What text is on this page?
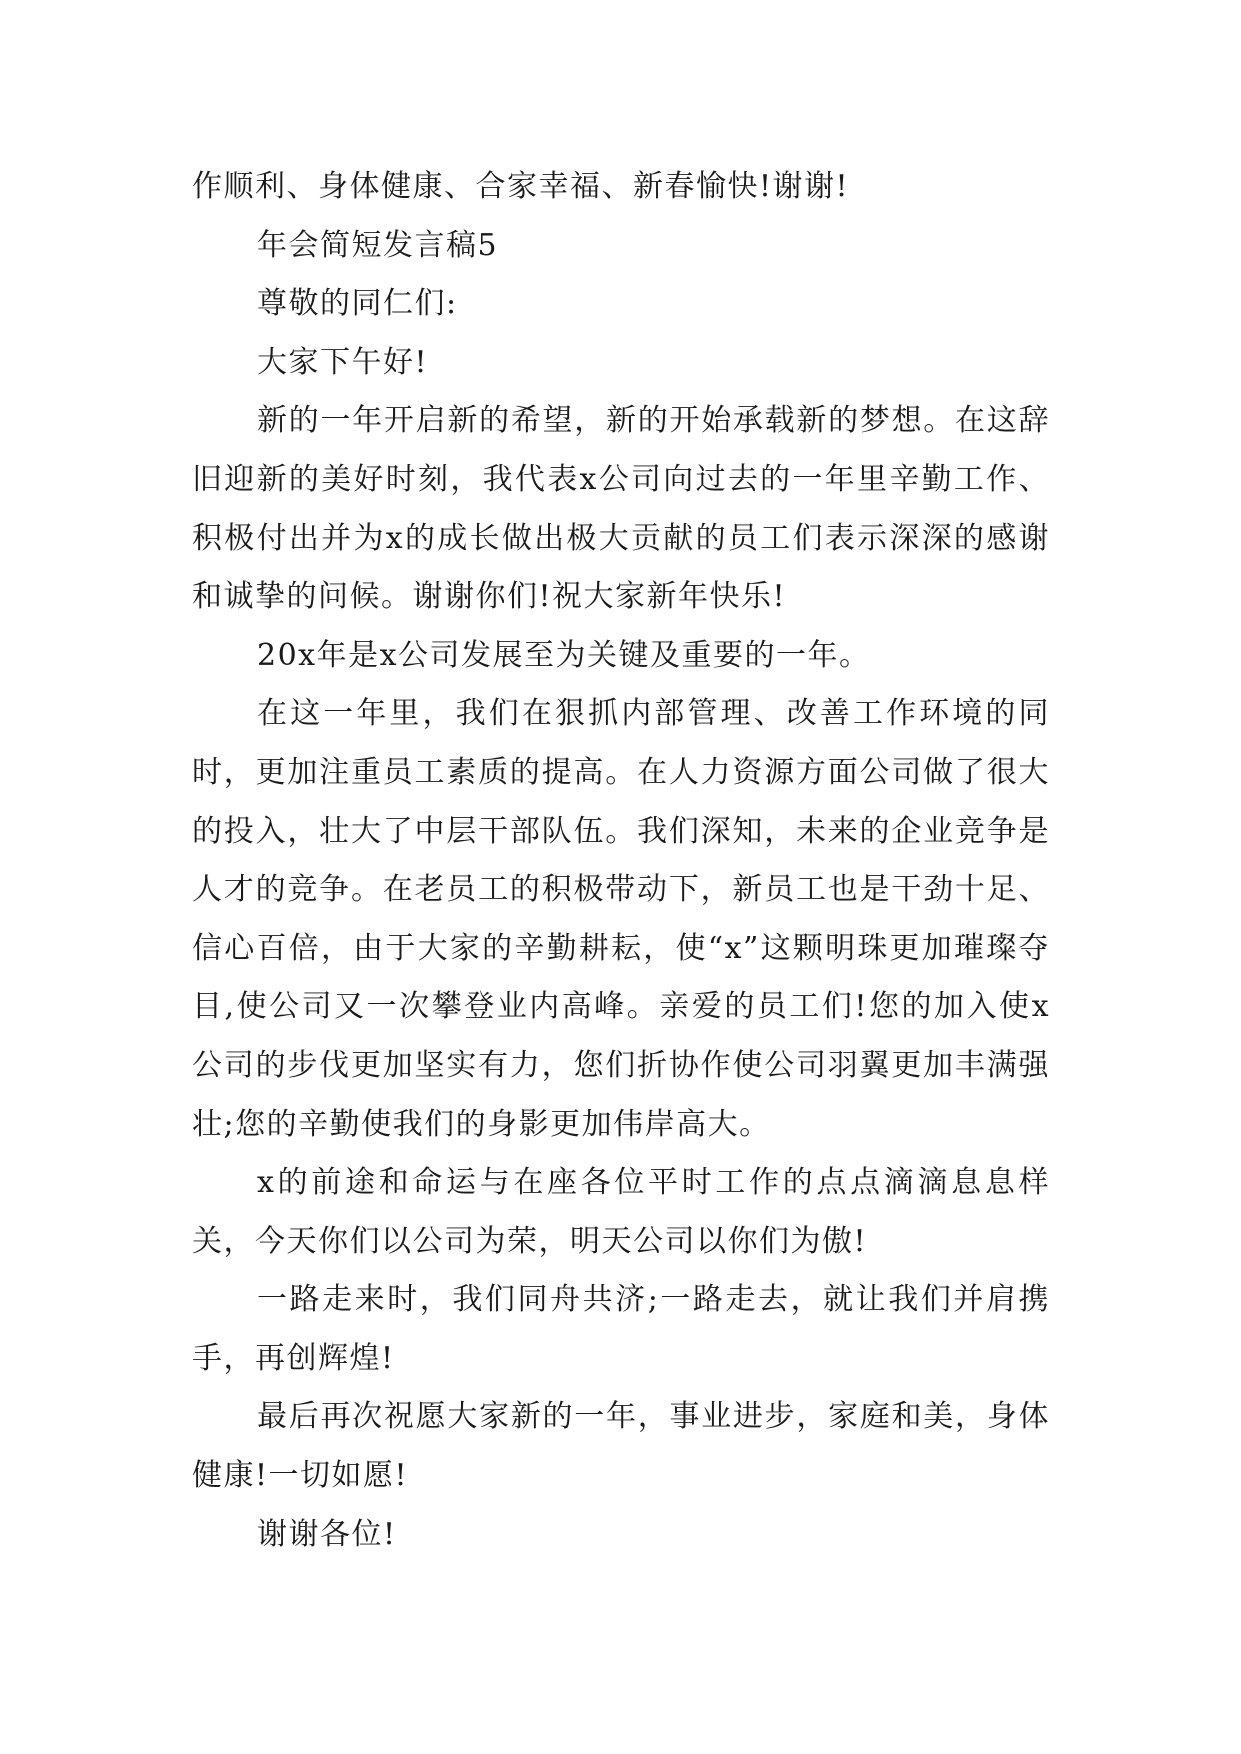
作顺利、身体健康、合家幸福、新春愉快!谢谢!

年会简短发言稿5

尊敬的同仁们:

大家下午好!

新的一年开启新的希望，新的开始承载新的梦想。在这辞旧迎新的美好时刻，我代表x公司向过去的一年里辛勤工作、积极付出并为x的成长做出极大贡献的员工们表示深深的感谢和诚挚的问候。谢谢你们!祝大家新年快乐!

20x年是x公司发展至为关键及重要的一年。

在这一年里，我们在狠抓内部管理、改善工作环境的同时，更加注重员工素质的提高。在人力资源方面公司做了很大的投入，壮大了中层干部队伍。我们深知，未来的企业竞争是人才的竞争。在老员工的积极带动下，新员工也是干劲十足、信心百倍，由于大家的辛勤耕耘，使“x”这颗明珠更加璀璨夺目,使公司又一次攀登业内高峰。亲爱的员工们!您的加入使x公司的步伐更加坚实有力，您们折协作使公司羽翼更加丰满强壮;您的辛勤使我们的身影更加伟岸高大。

x的前途和命运与在座各位平时工作的点点滴滴息息样关，今天你们以公司为荣，明天公司以你们为傲!

一路走来时，我们同舟共济;一路走去，就让我们并肩携手，再创辉煌!

最后再次祝愿大家新的一年，事业进步，家庭和美，身体健康!一切如愿!

谢谢各位!
